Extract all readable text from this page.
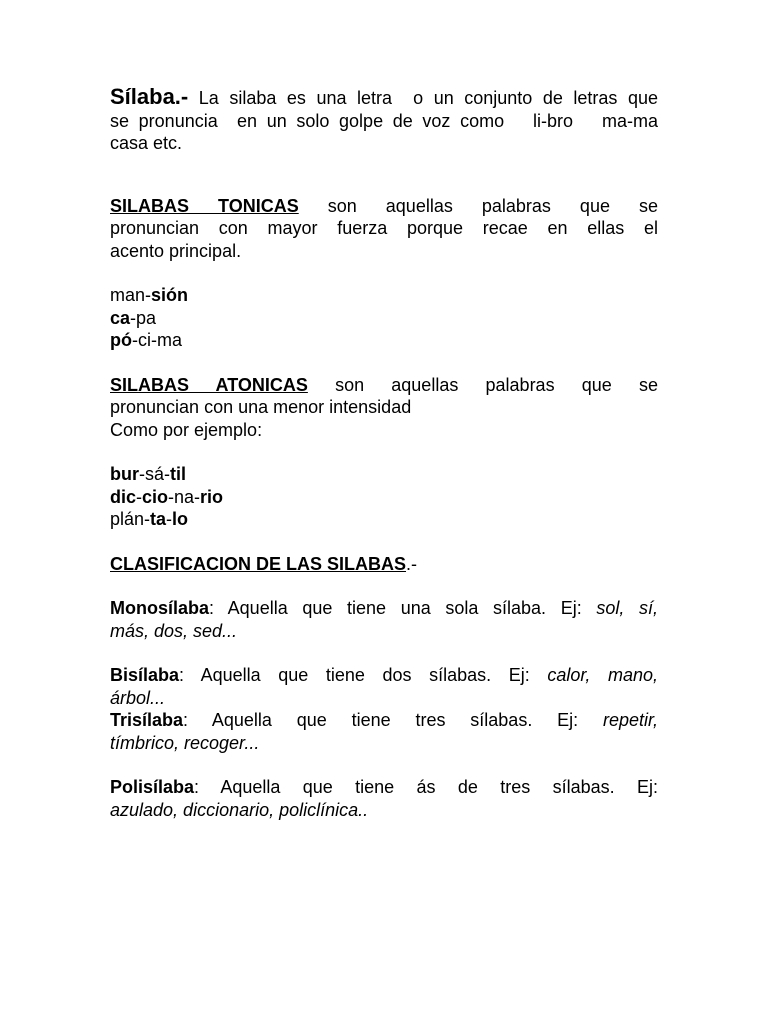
Sílaba.- La silaba es una letra  o un conjunto de letras que

se pronuncia  en un solo golpe de voz como   li-bro   ma-ma

casa etc.

SILABAS TONICAS son aquellas palabras que se

pronuncian con mayor fuerza porque recae en ellas el

acento principal.

man-sión

ca-pa

pó-ci-ma

SILABAS ATONICAS son aquellas palabras que se

pronuncian con una menor intensidad

Como por ejemplo:

bur-sá-til

dic-cio-na-rio

plán-ta-lo

CLASIFICACION DE LAS SILABAS.-

Monosílaba: Aquella que tiene una sola sílaba. Ej: sol, sí,

más, dos, sed...

Bisílaba: Aquella que tiene dos sílabas. Ej: calor, mano,

árbol...

Trisílaba: Aquella que tiene tres sílabas. Ej: repetir,

tímbrico, recoger...

Polisílaba: Aquella que tiene ás de tres sílabas. Ej:

azulado, diccionario, policlínica..
